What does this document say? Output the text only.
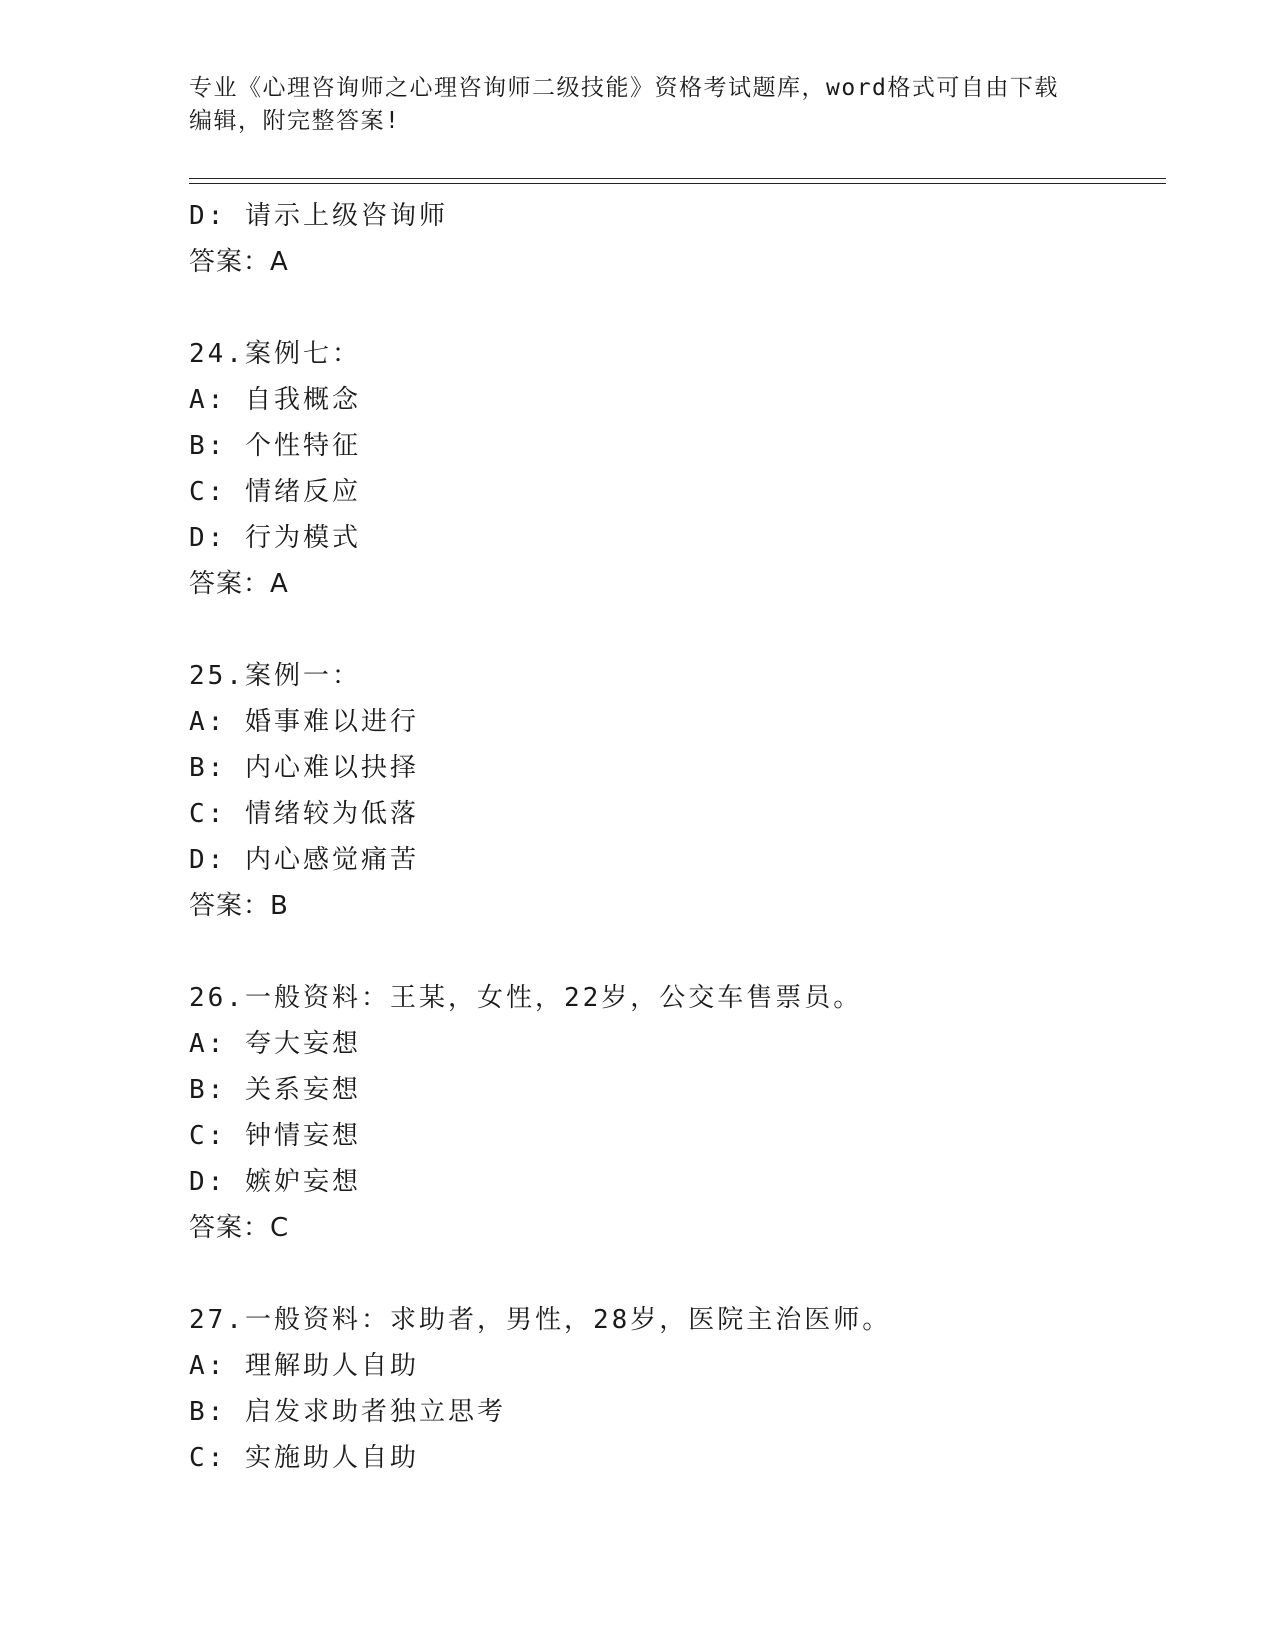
专业《心理咨询师之心理咨询师二级技能》资格考试题库，word格式可自由下载
编辑，附完整答案!
D: 请示上级咨询师
答案：A
24.案例七：
A: 自我概念
B: 个性特征
C: 情绪反应
D: 行为模式
答案：A
25.案例一：
A: 婚事难以进行
B: 内心难以抉择
C: 情绪较为低落
D: 内心感觉痛苦
答案：B
26.一般资料：王某，女性，22岁，公交车售票员。
A: 夸大妄想
B: 关系妄想
C: 钟情妄想
D: 嫉妒妄想
答案：C
27.一般资料：求助者，男性，28岁，医院主治医师。
A: 理解助人自助
B: 启发求助者独立思考
C: 实施助人自助
